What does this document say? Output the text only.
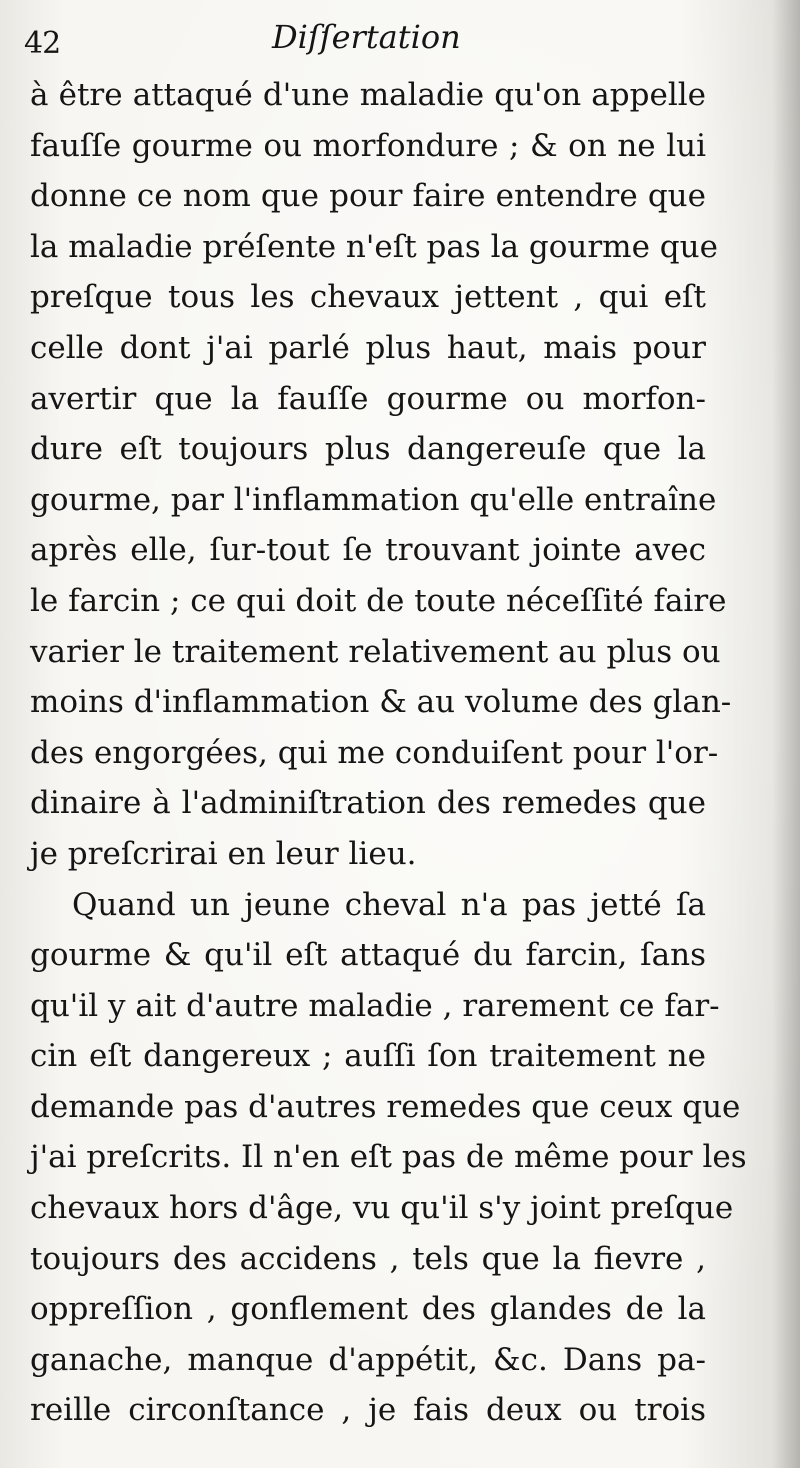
42	Diſſertation
à être attaqué d'une maladie qu'on appelle
fauſſe gourme ou morfondure ; & on ne lui
donne ce nom que pour faire entendre que
la maladie préſente n'eſt pas la gourme que
preſque tous les chevaux jettent , qui eſt
celle dont j'ai parlé plus haut, mais pour
avertir que la fauſſe gourme ou morfon-
dure eſt toujours plus dangereuſe que la
gourme, par l'inflammation qu'elle entraîne
après elle, ſur-tout ſe trouvant jointe avec
le farcin ; ce qui doit de toute néceſſité faire
varier le traitement relativement au plus ou
moins d'inflammation & au volume des glan-
des engorgées, qui me conduiſent pour l'or-
dinaire à l'adminiſtration des remedes que
je preſcrirai en leur lieu.
Quand un jeune cheval n'a pas jetté ſa
gourme & qu'il eſt attaqué du farcin, ſans
qu'il y ait d'autre maladie , rarement ce far-
cin eſt dangereux ; auſſi ſon traitement ne
demande pas d'autres remedes que ceux que
j'ai preſcrits. Il n'en eſt pas de même pour les
chevaux hors d'âge, vu qu'il s'y joint preſque
toujours des accidens , tels que la fievre ,
oppreſſion , gonflement des glandes de la
ganache, manque d'appétit, &c. Dans pa-
reille circonſtance , je fais deux ou trois
